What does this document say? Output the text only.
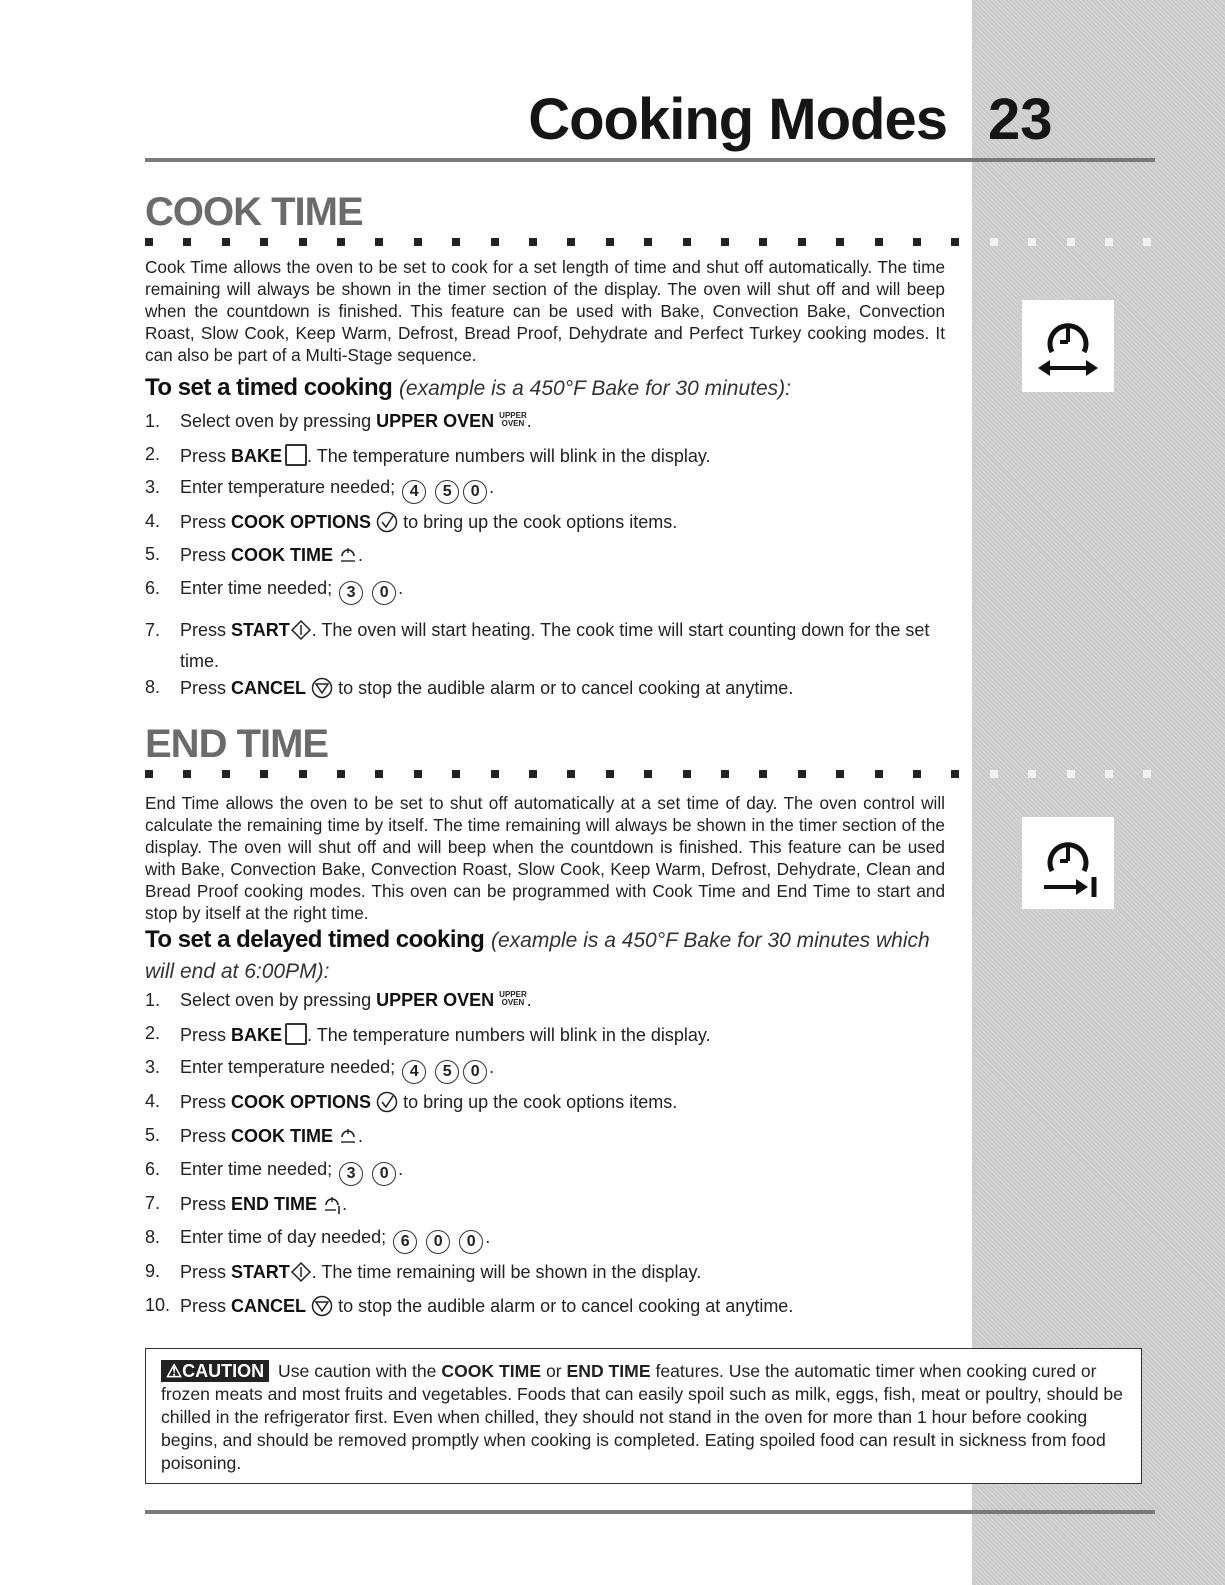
Cooking Modes 23
COOK TIME
Cook Time allows the oven to be set to cook for a set length of time and shut off automatically. The time remaining will always be shown in the timer section of the display. The oven will shut off and will beep when the countdown is finished. This feature can be used with Bake, Convection Bake, Convection Roast, Slow Cook, Keep Warm, Defrost, Bread Proof, Dehydrate and Perfect Turkey cooking modes. It can also be part of a Multi-Stage sequence.
To set a timed cooking (example is a 450°F Bake for 30 minutes):
1. Select oven by pressing UPPER OVEN UPPER
OVEN .
2. Press BAKE . The temperature numbers will blink in the display.
3. Enter temperature needed; 4 5 0 .
4. Press COOK OPTIONS to bring up the cook options items.
5. Press COOK TIME .
6. Enter time needed; 3 0 .
7. Press START . The oven will start heating. The cook time will start counting down for the set time.
8. Press CANCEL to stop the audible alarm or to cancel cooking at anytime.
END TIME
End Time allows the oven to be set to shut off automatically at a set time of day. The oven control will calculate the remaining time by itself. The time remaining will always be shown in the timer section of the display. The oven will shut off and will beep when the countdown is finished. This feature can be used with Bake, Convection Bake, Convection Roast, Slow Cook, Keep Warm, Defrost, Dehydrate, Clean and Bread Proof cooking modes. This oven can be programmed with Cook Time and End Time to start and stop by itself at the right time.
To set a delayed timed cooking (example is a 450°F Bake for 30 minutes which will end at 6:00PM):
1. Select oven by pressing UPPER OVEN UPPER
OVEN .
2. Press BAKE . The temperature numbers will blink in the display.
3. Enter temperature needed; 4 5 0 .
4. Press COOK OPTIONS to bring up the cook options items.
5. Press COOK TIME .
6. Enter time needed; 3 0 .
7. Press END TIME .
8. Enter time of day needed; 6 0 0 .
9. Press START . The time remaining will be shown in the display.
10. Press CANCEL to stop the audible alarm or to cancel cooking at anytime.
⚠CAUTION Use caution with the COOK TIME or END TIME features. Use the automatic timer when cooking cured or frozen meats and most fruits and vegetables. Foods that can easily spoil such as milk, eggs, fish, meat or poultry, should be chilled in the refrigerator first. Even when chilled, they should not stand in the oven for more than 1 hour before cooking begins, and should be removed promptly when cooking is completed. Eating spoiled food can result in sickness from food poisoning.
